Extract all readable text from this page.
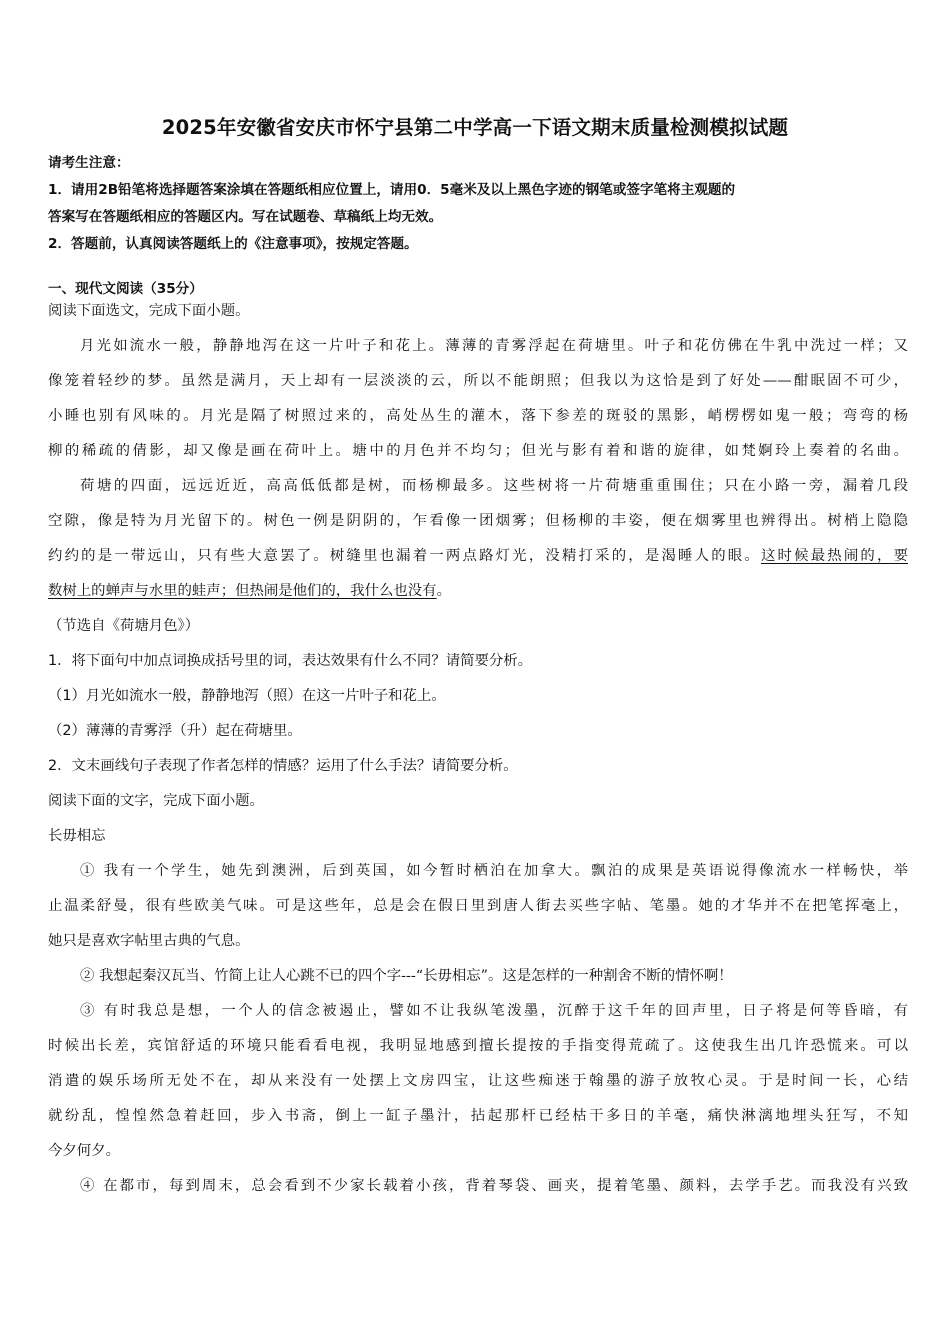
2025年安徽省安庆市怀宁县第二中学高一下语文期末质量检测模拟试题
请考生注意：
1．请用2B铅笔将选择题答案涂填在答题纸相应位置上，请用0．5毫米及以上黑色字迹的钢笔或签字笔将主观题的
答案写在答题纸相应的答题区内。写在试题卷、草稿纸上均无效。
2．答题前，认真阅读答题纸上的《注意事项》，按规定答题。
一、现代文阅读（35分）
阅读下面选文，完成下面小题。
月光如流水一般，静静地泻在这一片叶子和花上。薄薄的青雾浮起在荷塘里。叶子和花仿佛在牛乳中洗过一样；又
像笼着轻纱的梦。虽然是满月，天上却有一层淡淡的云，所以不能朗照；但我以为这恰是到了好处——酣眠固不可少，
小睡也别有风味的。月光是隔了树照过来的，高处丛生的灌木，落下参差的斑驳的黑影，峭楞楞如鬼一般；弯弯的杨
柳的稀疏的倩影，却又像是画在荷叶上。塘中的月色并不均匀；但光与影有着和谐的旋律，如梵婀玲上奏着的名曲。
荷塘的四面，远远近近，高高低低都是树，而杨柳最多。这些树将一片荷塘重重围住；只在小路一旁，漏着几段
空隙，像是特为月光留下的。树色一例是阴阴的，乍看像一团烟雾；但杨柳的丰姿，便在烟雾里也辨得出。树梢上隐隐
约约的是一带远山，只有些大意罢了。树缝里也漏着一两点路灯光，没精打采的，是渴睡人的眼。这时候最热闹的，要
数树上的蝉声与水里的蛙声；但热闹是他们的，我什么也没有。
（节选自《荷塘月色》）
1．将下面句中加点词换成括号里的词，表达效果有什么不同？请简要分析。
（1）月光如流水一般，静静地泻（照）在这一片叶子和花上。
（2）薄薄的青雾浮（升）起在荷塘里。
2．文末画线句子表现了作者怎样的情感？运用了什么手法？请简要分析。
阅读下面的文字，完成下面小题。
长毋相忘
① 我有一个学生，她先到澳洲，后到英国，如今暂时栖泊在加拿大。飘泊的成果是英语说得像流水一样畅快，举
止温柔舒曼，很有些欧美气味。可是这些年，总是会在假日里到唐人街去买些字帖、笔墨。她的才华并不在把笔挥毫上，
她只是喜欢字帖里古典的气息。
② 我想起秦汉瓦当、竹简上让人心跳不已的四个字---“长毋相忘”。这是怎样的一种割舍不断的情怀啊！
③ 有时我总是想，一个人的信念被遏止，譬如不让我纵笔泼墨，沉醉于这千年的回声里，日子将是何等昏暗，有
时候出长差，宾馆舒适的环境只能看看电视，我明显地感到擅长提按的手指变得荒疏了。这使我生出几许恐慌来。可以
消遣的娱乐场所无处不在，却从来没有一处摆上文房四宝，让这些痴迷于翰墨的游子放牧心灵。于是时间一长，心结
就纷乱，惶惶然急着赶回，步入书斋，倒上一缸子墨汁，拈起那杆已经枯干多日的羊毫，痛快淋漓地埋头狂写，不知
今夕何夕。
④ 在都市，每到周末，总会看到不少家长载着小孩，背着琴袋、画夹，提着笔墨、颜料，去学手艺。而我没有兴致
